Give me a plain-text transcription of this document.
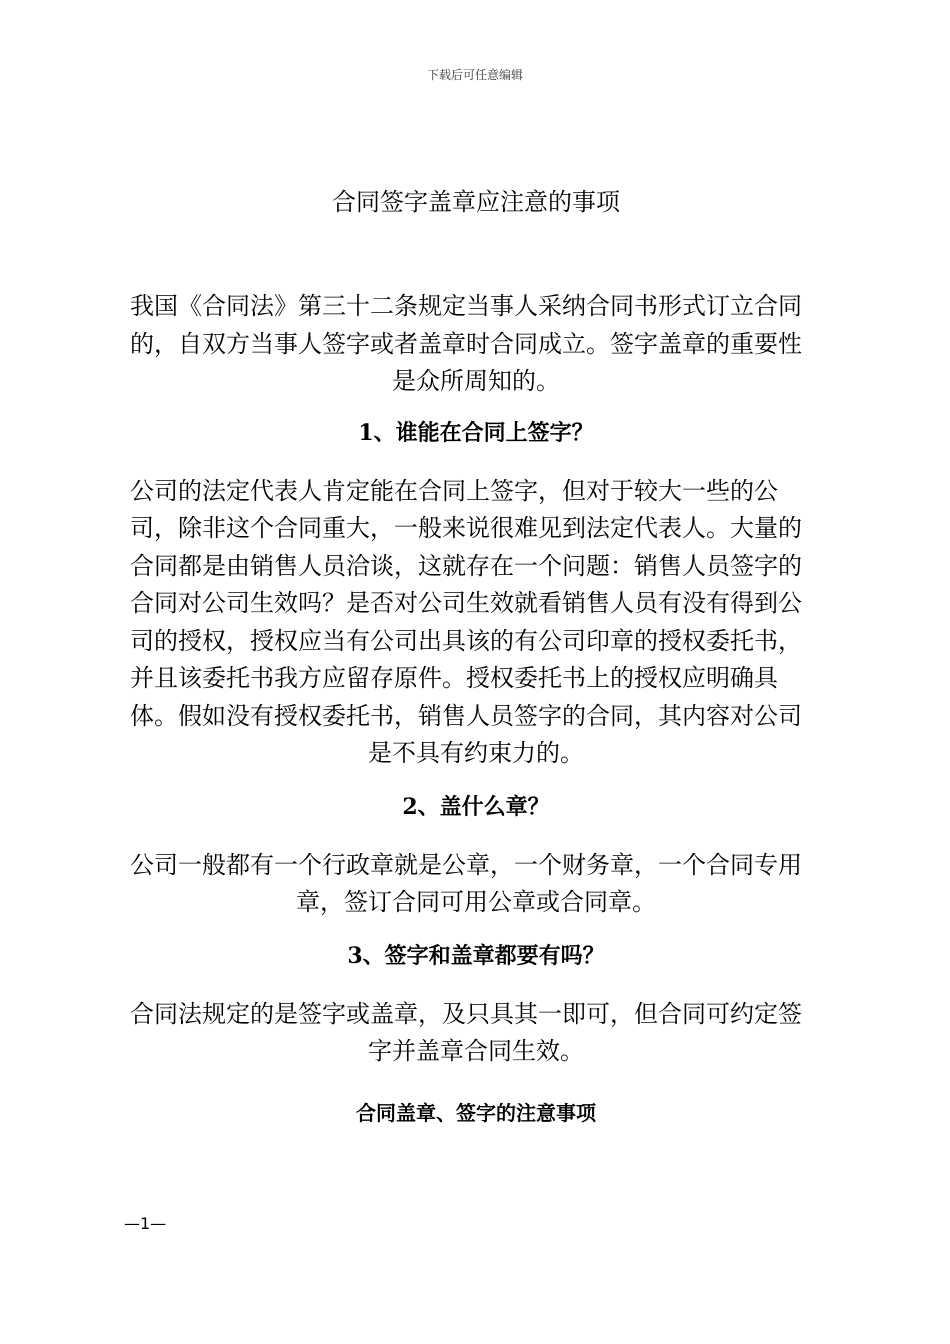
下载后可任意编辑
合同签字盖章应注意的事项

我国《合同法》第三十二条规定当事人采纳合同书形式订立合同的，自双方当事人签字或者盖章时合同成立。签字盖章的重要性是众所周知的。

1、谁能在合同上签字？

公司的法定代表人肯定能在合同上签字，但对于较大一些的公司，除非这个合同重大，一般来说很难见到法定代表人。大量的合同都是由销售人员洽谈，这就存在一个问题：销售人员签字的合同对公司生效吗？是否对公司生效就看销售人员有没有得到公司的授权，授权应当有公司出具该的有公司印章的授权委托书，并且该委托书我方应留存原件。授权委托书上的授权应明确具体。假如没有授权委托书，销售人员签字的合同，其内容对公司是不具有约束力的。

2、盖什么章？

公司一般都有一个行政章就是公章，一个财务章，一个合同专用章，签订合同可用公章或合同章。

3、签字和盖章都要有吗？

合同法规定的是签字或盖章，及只具其一即可，但合同可约定签字并盖章合同生效。

合同盖章、签字的注意事项
—1—
